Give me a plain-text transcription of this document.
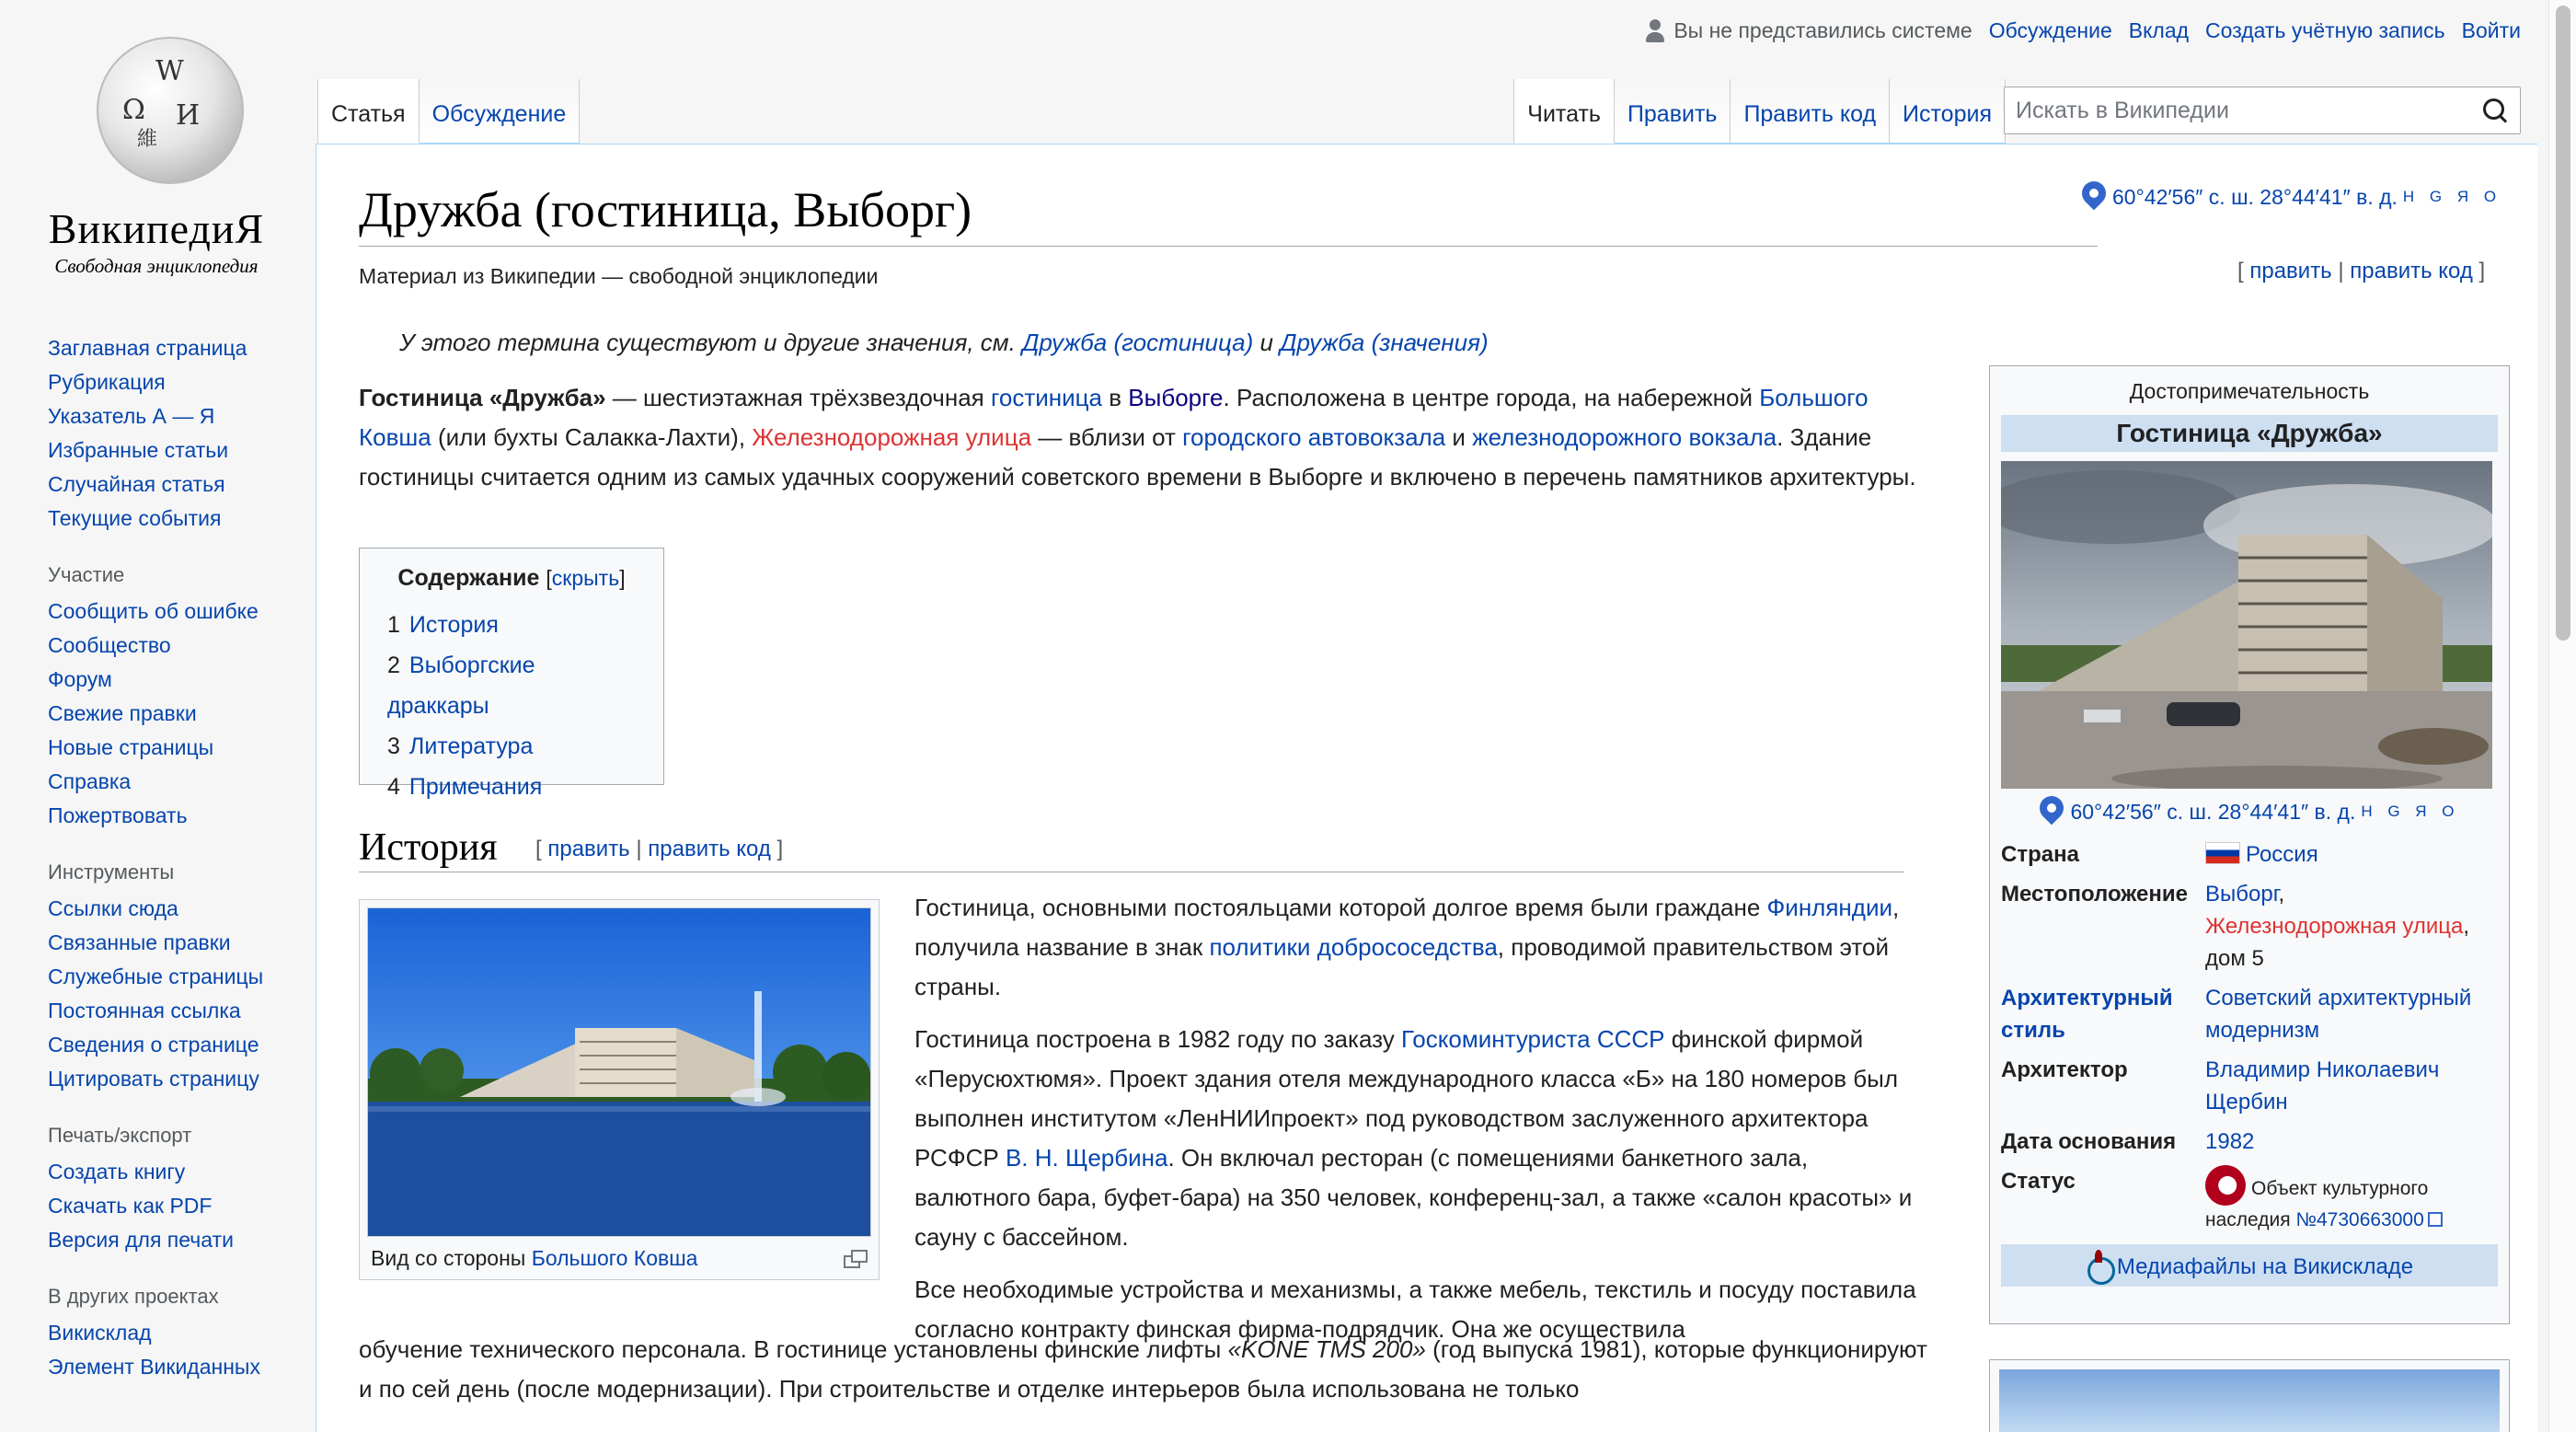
Вы не представились системе Обсуждение Вклад Создать учётную запись Войти
W
Ω И
維
ВикипедиЯ
Свободная энциклопедия
Заглавная страница
Рубрикация
Указатель А — Я
Избранные статьи
Случайная статья
Текущие события
Участие
Сообщить об ошибке
Сообщество
Форум
Свежие правки
Новые страницы
Справка
Пожертвовать
Инструменты
Ссылки сюда
Связанные правки
Служебные страницы
Постоянная ссылка
Сведения о странице
Цитировать страницу
Печать/экспорт
Создать книгу
Скачать как PDF
Версия для печати
В других проектах
Викисклад
Элемент Викиданных
Статья	Обсуждение	Читать	Править	Править код	История
Искать в Википедии
Дружба (гостиница, Выборг)	60°42′56″ с. ш. 28°44′41″ в. д. H G Я O
Материал из Википедии — свободной энциклопедии	[ править | править код ]
У этого термина существуют и другие значения, см. Дружба (гостиница) и Дружба (значения)
Гостиница «Дружба» — шестиэтажная трёхзвездочная гостиница в Выборге. Расположена в центре города, на набережной Большого Ковша (или бухты Салакка-Лахти), Железнодорожная улица — вблизи от городского автовокзала и железнодорожного вокзала. Здание гостиницы считается одним из самых удачных сооружений советского времени в Выборге и включено в перечень памятников архитектуры.
Содержание [скрыть]
1 История
2 Выборгские драккары
3 Литература
4 Примечания
История [ править | править код ]
Вид со стороны Большого Ковша

Гостиница, основными постояльцами которой долгое время были граждане Финляндии, получила название в знак политики добрососедства, проводимой правительством этой страны.

Гостиница построена в 1982 году по заказу Госкоминтуриста СССР финской фирмой «Перусюхтюмя». Проект здания отеля международного класса «Б» на 180 номеров был выполнен институтом «ЛенНИИпроект» под руководством заслуженного архитектора РСФСР В. Н. Щербина. Он включал ресторан (с помещениями банкетного зала, валютного бара, буфет-бара) на 350 человек, конференц-зал, а также «салон красоты» и сауну с бассейном.

Все необходимые устройства и механизмы, а также мебель, текстиль и посуду поставила согласно контракту финская фирма-подрядчик. Она же осуществила

обучение технического персонала. В гостинице установлены финские лифты «KONE TMS 200» (год выпуска 1981), которые функционируют и по сей день (после модернизации). При строительстве и отделке интерьеров была использована не только
Достопримечательность
Гостиница «Дружба»
60°42′56″ с. ш. 28°44′41″ в. д. H G Я O
Страна	Россия
Местоположение	Выборг,
Железнодорожная улица,
дом 5
Архитектурный стиль	Советский архитектурный модернизм
Архитектор	Владимир Николаевич Щербин
Дата основания	1982
Статус	Объект культурного наследия №4730663000
Медиафайлы на Викискладе
